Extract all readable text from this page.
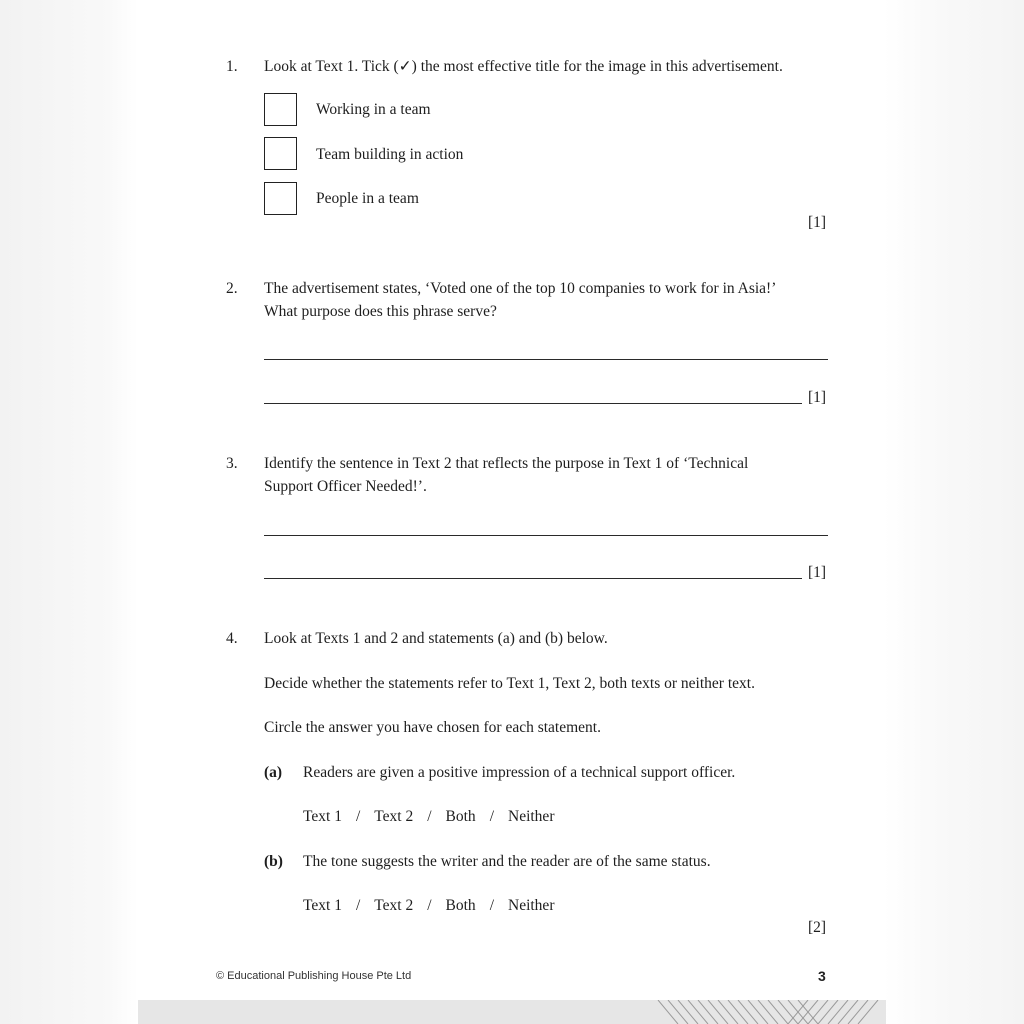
1. Look at Text 1. Tick (✓) the most effective title for the image in this advertisement.
Working in a team
Team building in action
People in a team
[1]
2. The advertisement states, ‘Voted one of the top 10 companies to work for in Asia!’
What purpose does this phrase serve?
[1]
3. Identify the sentence in Text 2 that reflects the purpose in Text 1 of ‘Technical
Support Officer Needed!’.
[1]
4. Look at Texts 1 and 2 and statements (a) and (b) below.
Decide whether the statements refer to Text 1, Text 2, both texts or neither text.
Circle the answer you have chosen for each statement.
(a) Readers are given a positive impression of a technical support officer.
Text 1 / Text 2 / Both / Neither
(b) The tone suggests the writer and the reader are of the same status.
Text 1 / Text 2 / Both / Neither
[2]
© Educational Publishing House Pte Ltd	3
